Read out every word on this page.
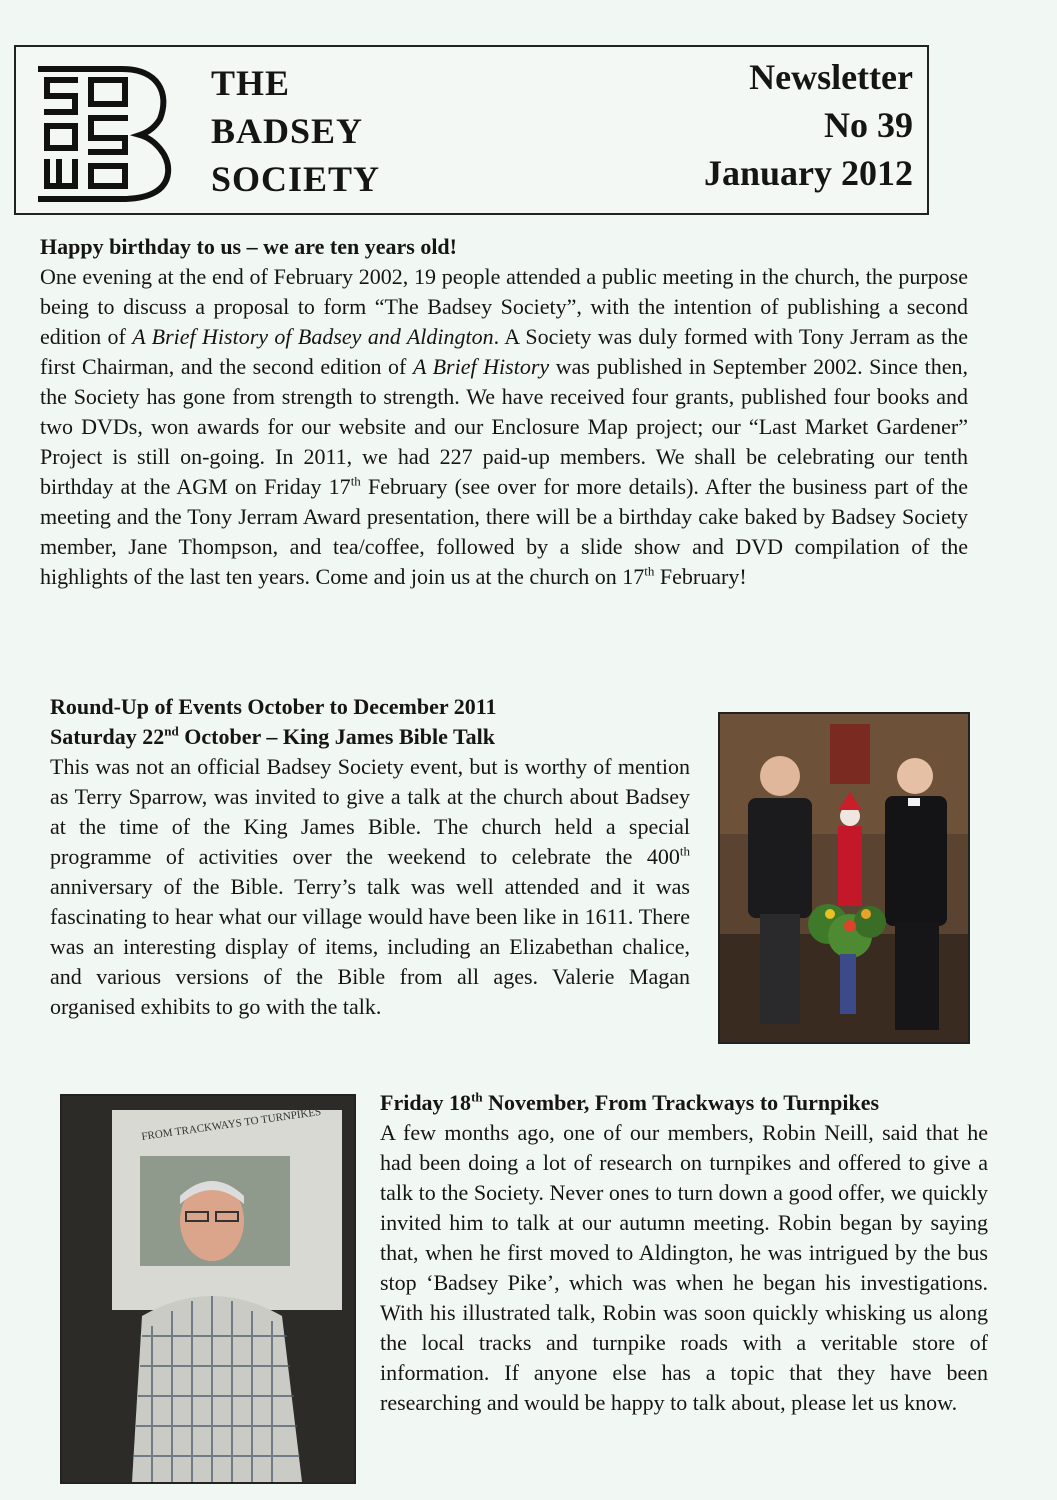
THE
BADSEY
SOCIETY
Newsletter
No 39
January 2012
Happy birthday to us – we are ten years old!

One evening at the end of February 2002, 19 people attended a public meeting in the church, the purpose being to discuss a proposal to form “The Badsey Society”, with the intention of publishing a second edition of A Brief History of Badsey and Aldington. A Society was duly formed with Tony Jerram as the first Chairman, and the second edition of A Brief History was published in September 2002. Since then, the Society has gone from strength to strength. We have received four grants, published four books and two DVDs, won awards for our website and our Enclosure Map project; our “Last Market Gardener” Project is still on-going. In 2011, we had 227 paid-up members. We shall be celebrating our tenth birthday at the AGM on Friday 17th February (see over for more details). After the business part of the meeting and the Tony Jerram Award presentation, there will be a birthday cake baked by Badsey Society member, Jane Thompson, and tea/coffee, followed by a slide show and DVD compilation of the highlights of the last ten years. Come and join us at the church on 17th February!

Round-Up of Events October to December 2011
Saturday 22nd October – King James Bible Talk

This was not an official Badsey Society event, but is worthy of mention as Terry Sparrow, was invited to give a talk at the church about Badsey at the time of the King James Bible. The church held a special programme of activities over the weekend to celebrate the 400th anniversary of the Bible. Terry’s talk was well attended and it was fascinating to hear what our village would have been like in 1611. There was an interesting display of items, including an Elizabethan chalice, and various versions of the Bible from all ages. Valerie Magan organised exhibits to go with the talk.

FROM TRACKWAYS TO TURNPIKES
Friday 18th November, From Trackways to Turnpikes

A few months ago, one of our members, Robin Neill, said that he had been doing a lot of research on turnpikes and offered to give a talk to the Society. Never ones to turn down a good offer, we quickly invited him to talk at our autumn meeting. Robin began by saying that, when he first moved to Aldington, he was intrigued by the bus stop ‘Badsey Pike’, which was when he began his investigations. With his illustrated talk, Robin was soon quickly whisking us along the local tracks and turnpike roads with a veritable store of information. If anyone else has a topic that they have been researching and would be happy to talk about, please let us know.
